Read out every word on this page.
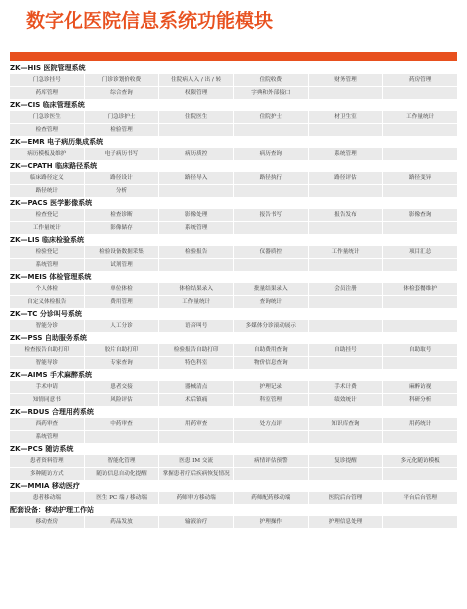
数字化医院信息系统功能模块
ZK—HIS 医院管理系统
门急诊挂号	门诊诊划价收费	住院病人入 / 出 / 转	住院收费	财务管理	药房管理
药库管理	综合查询	权限管理	字典和外部接口
ZK—CIS 临床管理系统
门急诊医生	门急诊护士	住院医生	住院护士	材卫生室	工作量统计
检查管理	检验管理
ZK—EMR 电子病历集成系统
病历模板及维护	电子病历书写	病历质控	病历查询	系统管理
ZK—CPATH 临床路径系统
临床路径定义	路径设计	路径导入	路径执行	路径评估	路径变异
路径统计	分析
ZK—PACS 医学影像系统
检查登记	检查诊断	影像处理	报告书写	报告发布	影像查询
工作量统计	影像储存	系统管理
ZK—LIS 临床检验系统
检验登记	检验设备数据采集	检验报告	仪器质控	工作量统计	项目汇总
系统管理	试剂管理
ZK—MEIS 体检管理系统
个人体检	单位体检	体检结果录入	批量结果录入	会员注册	体检套餐维护
自定义体检报告	费用管理	工作量统计	查询统计
ZK—TC 分诊叫号系统
智能分诊	人工分诊	语音叫号	多媒体分诊滚动展示
ZK—PSS 自助服务系统
检查报告自助打印	胶片自助打印	检验报告自助打印	自助费用查询	自助挂号	自助取号
智能导诊	专家查询	特色科室	物价信息查询
ZK—AIMS 手术麻醉系统
手术申请	患者交接	器械清点	护理记录	手术计费	麻醉访视
知情同意书	风险评估	术后镇痛	科室管理	绩效统计	科研分析
ZK—RDUS 合理用药系统
西药审查	中药审查	用药审查	处方点评	知识库查询	用药统计
系统管理
ZK—PCS 随访系统
患者资料管理	智能化管理	医患 IM 交流	病情评估预警	复诊提醒	多元化随访模板
多种随访方式	随访信息自动化提醒	掌握患者疗后疾病恢复情况
ZK—MMIA 移动医疗
患者移动端	医生 PC 端 / 移动端	药师审方移动端	药师配药移动端	医院后台管理	平台后台管理
配套设备：移动护理工作站
移动查房	药品发放	输液治疗	护理操作	护理信息处理
